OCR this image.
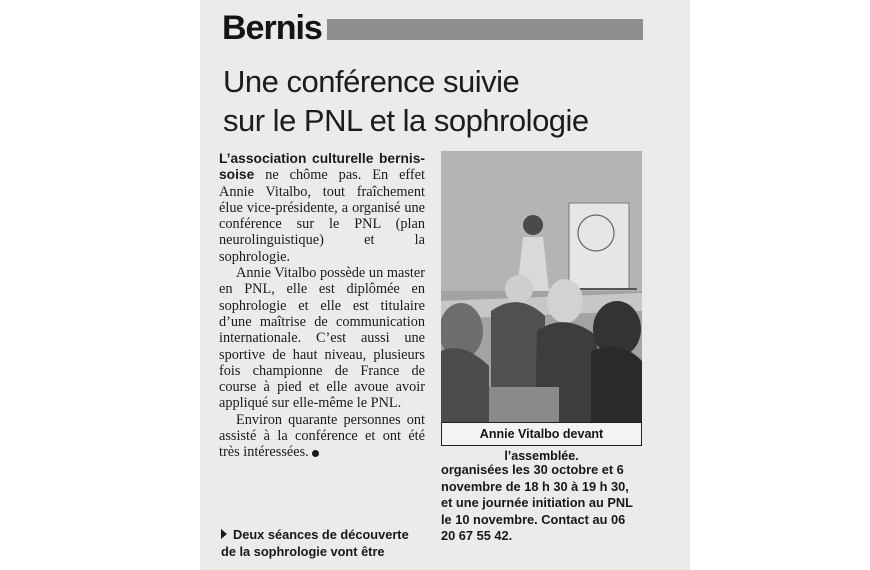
Bernis
Une conférence suivie
sur le PNL et la sophrologie

L’association culturelle bernis-soise ne chôme pas. En effet Annie Vitalbo, tout fraîchement élue vice-présidente, a organisé une conférence sur le PNL (plan neurolinguistique) et la sophrologie.

Annie Vitalbo possède un master en PNL, elle est diplômée en sophrologie et elle est titulaire d’une maîtrise de communication internationale. C’est aussi une sportive de haut niveau, plusieurs fois championne de France de course à pied et elle avoue avoir appliqué sur elle-même le PNL.

Environ quarante personnes ont assisté à la conférence et ont été très intéressées.

Annie Vitalbo devant l’assemblée.
organisées les 30 octobre et 6 novembre de 18 h 30 à 19 h 30, et une journée initiation au PNL le 10 novembre. Contact au 06 20 67 55 42.
Deux séances de découverte de la sophrologie vont être
